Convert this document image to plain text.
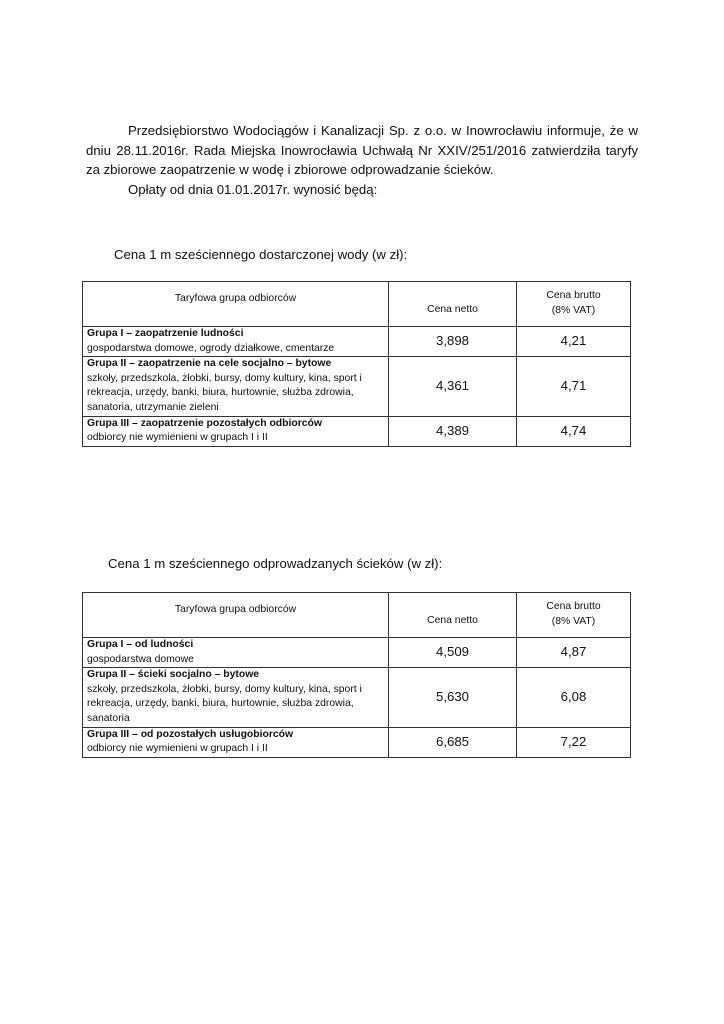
Przedsiębiorstwo Wodociągów i Kanalizacji Sp. z o.o. w Inowrocławiu informuje, że w dniu 28.11.2016r. Rada Miejska Inowrocławia Uchwałą Nr XXIV/251/2016 zatwierdziła taryfy za zbiorowe zaopatrzenie w wodę i zbiorowe odprowadzanie ścieków.

Opłaty od dnia 01.01.2017r. wynosić będą:

Cena 1 m sześciennego dostarczonej wody (w zł):
Taryfowa grupa odbiorców	Cena netto	Cena brutto
(8% VAT)

Grupa I – zaopatrzenie ludności
gospodarstwa domowe, ogrody działkowe, cmentarze	3,898	4,21

Grupa II – zaopatrzenie na cele socjalno – bytowe
szkoły, przedszkola, żłobki, bursy, domy kultury, kina, sport i rekreacja, urzędy, banki, biura, hurtownie, służba zdrowia, sanatoria, utrzymanie zieleni	4,361	4,71

Grupa III – zaopatrzenie pozostałych odbiorców
odbiorcy nie wymienieni w grupach I i II	4,389	4,74
Cena 1 m sześciennego odprowadzanych ścieków (w zł):
Taryfowa grupa odbiorców	Cena netto	Cena brutto
(8% VAT)

Grupa I – od ludności
gospodarstwa domowe	4,509	4,87

Grupa II – ścieki socjalno – bytowe
szkoły, przedszkola, żłobki, bursy, domy kultury, kina, sport i rekreacja, urzędy, banki, biura, hurtownie, służba zdrowia, sanatoria	5,630	6,08

Grupa III – od pozostałych usługobiorców
odbiorcy nie wymienieni w grupach I i II	6,685	7,22
